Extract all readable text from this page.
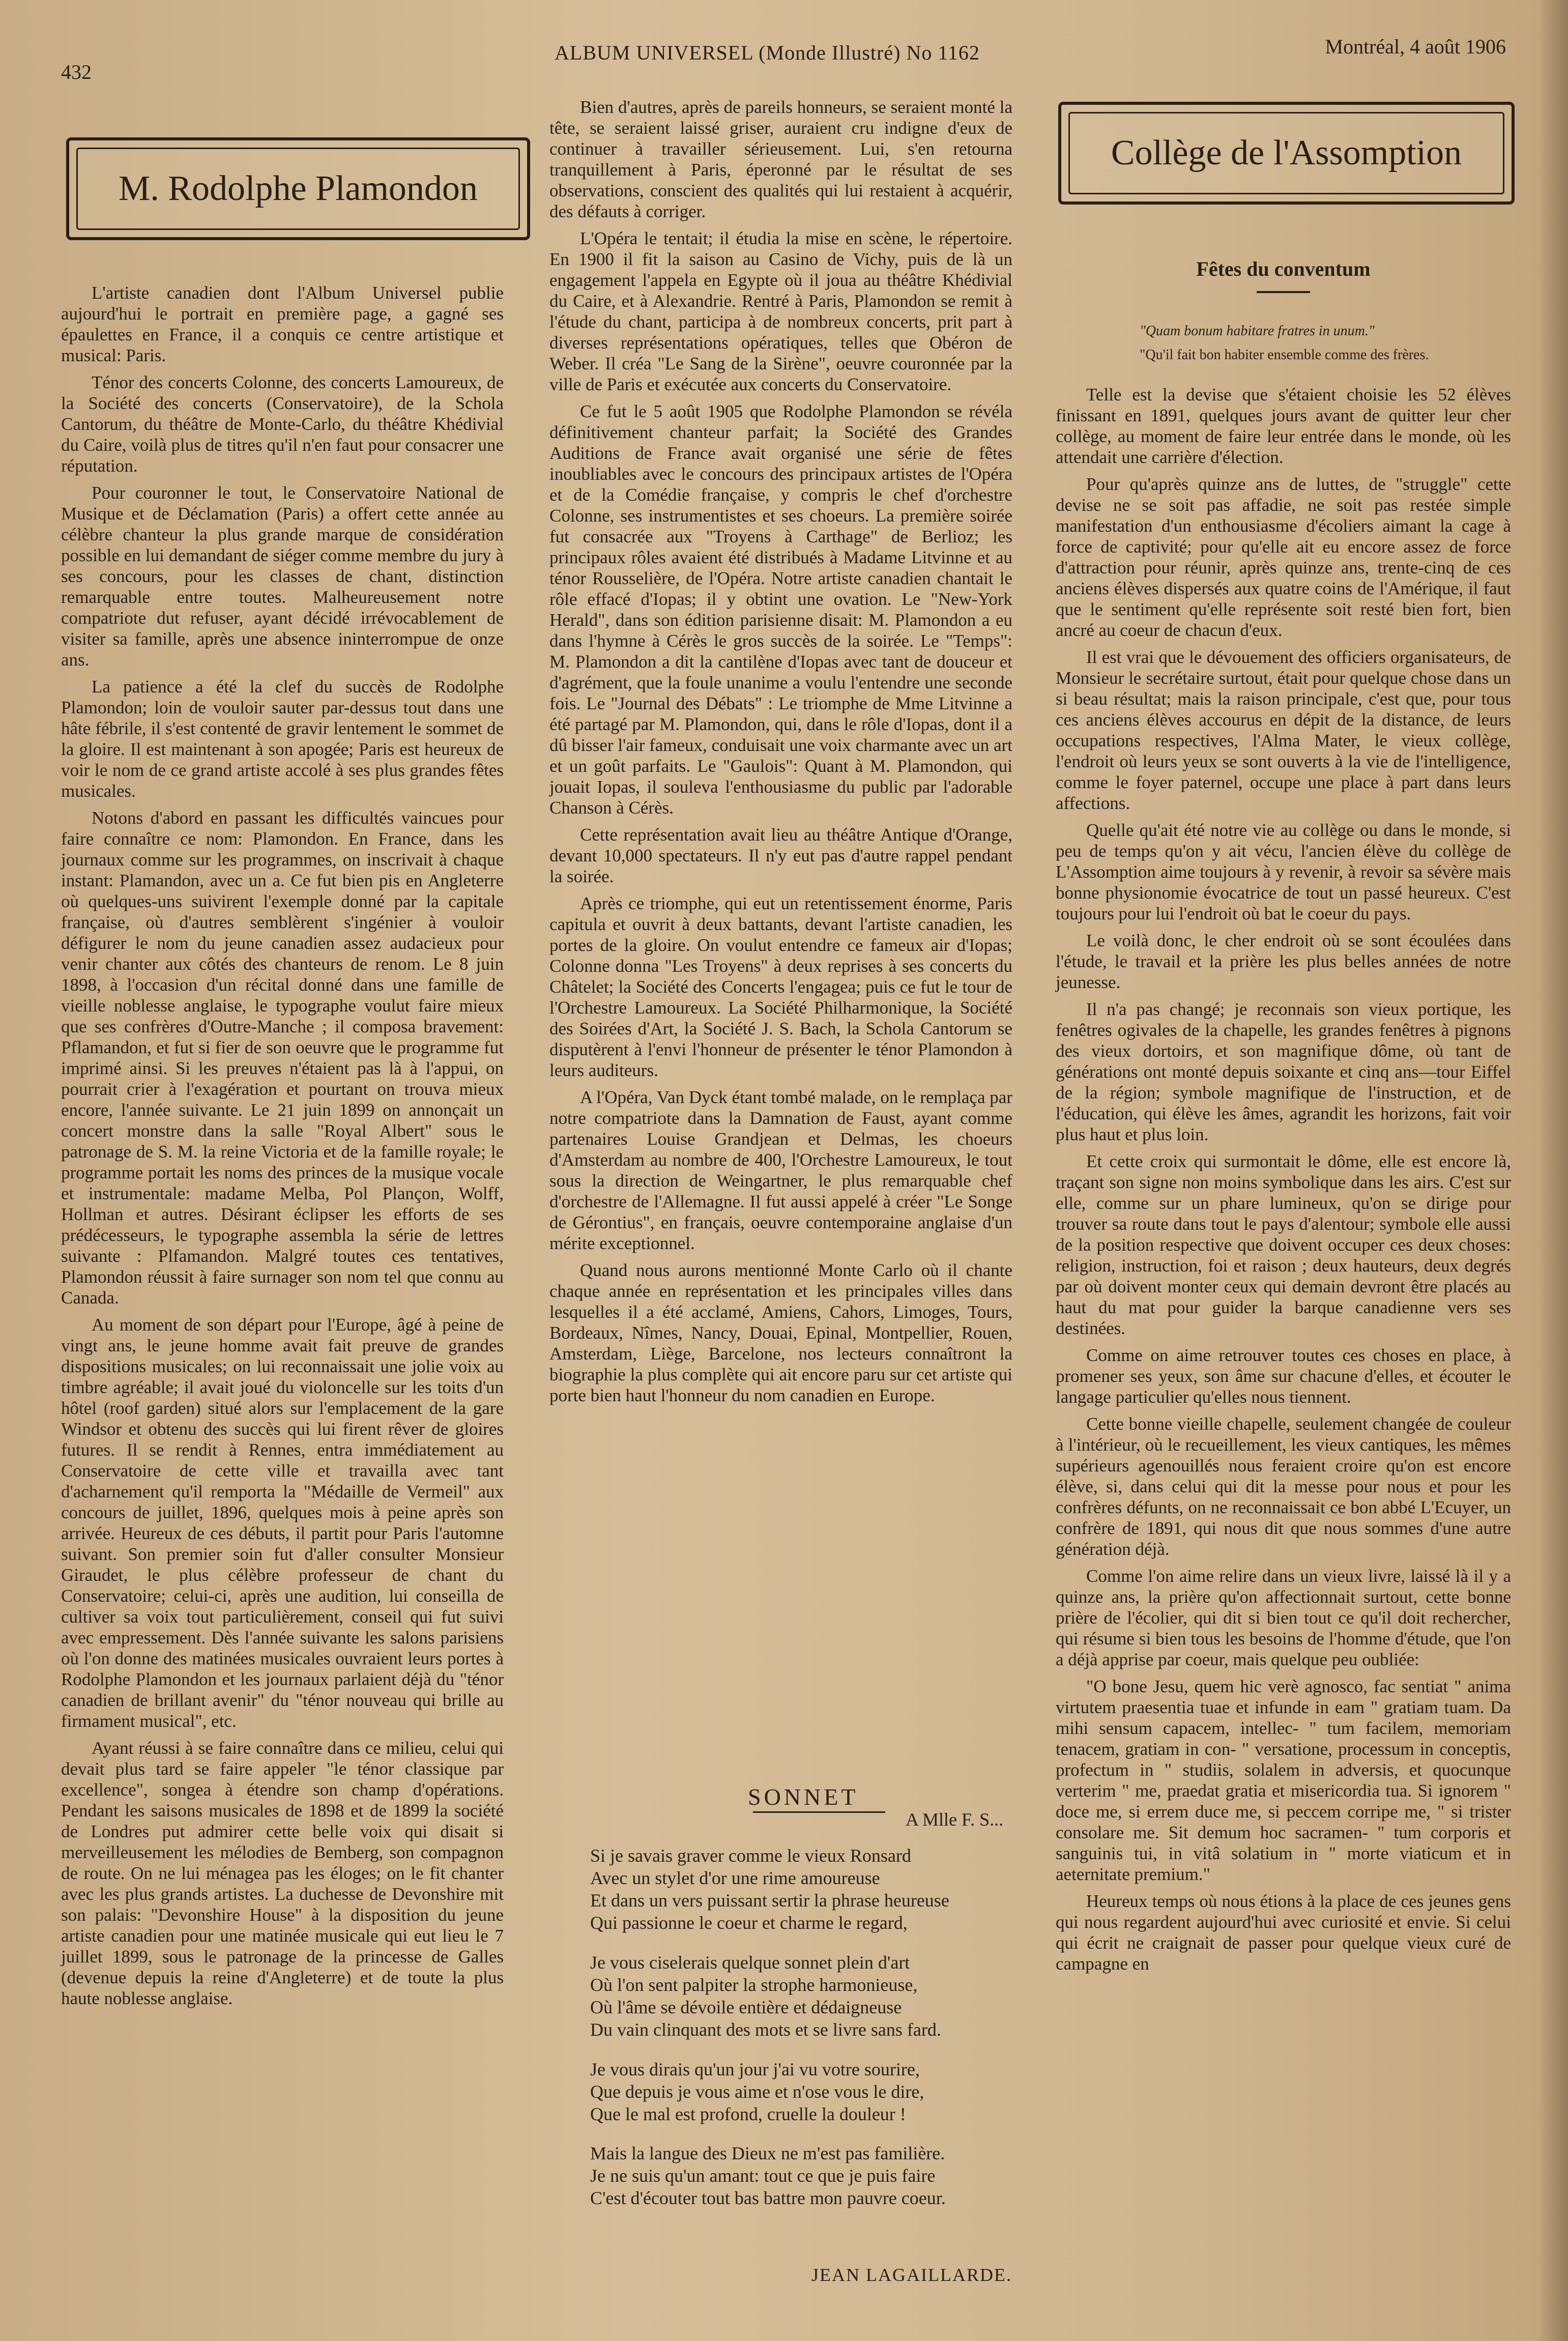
432
ALBUM UNIVERSEL (Monde Illustré) No 1162	Montréal, 4 août 1906
M. Rodolphe Plamondon

L'artiste canadien dont l'Album Universel publie aujourd'hui le portrait en première page, a gagné ses épaulettes en France, il a conquis ce centre artistique et musical: Paris.

Ténor des concerts Colonne, des concerts Lamoureux, de la Société des concerts (Conservatoire), de la Schola Cantorum, du théâtre de Monte-Carlo, du théâtre Khédivial du Caire, voilà plus de titres qu'il n'en faut pour consacrer une réputation.

Pour couronner le tout, le Conservatoire National de Musique et de Déclamation (Paris) a offert cette année au célèbre chanteur la plus grande marque de considération possible en lui demandant de siéger comme membre du jury à ses concours, pour les classes de chant, distinction remarquable entre toutes. Malheureusement notre compatriote dut refuser, ayant décidé irrévocablement de visiter sa famille, après une absence ininterrompue de onze ans.

La patience a été la clef du succès de Rodolphe Plamondon; loin de vouloir sauter par-dessus tout dans une hâte fébrile, il s'est contenté de gravir lentement le sommet de la gloire. Il est maintenant à son apogée; Paris est heureux de voir le nom de ce grand artiste accolé à ses plus grandes fêtes musicales.

Notons d'abord en passant les difficultés vaincues pour faire connaître ce nom: Plamondon. En France, dans les journaux comme sur les programmes, on inscrivait à chaque instant: Plamandon, avec un a. Ce fut bien pis en Angleterre où quelques-uns suivirent l'exemple donné par la capitale française, où d'autres semblèrent s'ingénier à vouloir défigurer le nom du jeune canadien assez audacieux pour venir chanter aux côtés des chanteurs de renom. Le 8 juin 1898, à l'occasion d'un récital donné dans une famille de vieille noblesse anglaise, le typographe voulut faire mieux que ses confrères d'Outre-Manche ; il composa bravement: Pflamandon, et fut si fier de son oeuvre que le programme fut imprimé ainsi. Si les preuves n'étaient pas là à l'appui, on pourrait crier à l'exagération et pourtant on trouva mieux encore, l'année suivante. Le 21 juin 1899 on annonçait un concert monstre dans la salle "Royal Albert" sous le patronage de S. M. la reine Victoria et de la famille royale; le programme portait les noms des princes de la musique vocale et instrumentale: madame Melba, Pol Plançon, Wolff, Hollman et autres. Désirant éclipser les efforts de ses prédécesseurs, le typographe assembla la série de lettres suivante : Plfamandon. Malgré toutes ces tentatives, Plamondon réussit à faire surnager son nom tel que connu au Canada.

Au moment de son départ pour l'Europe, âgé à peine de vingt ans, le jeune homme avait fait preuve de grandes dispositions musicales; on lui reconnaissait une jolie voix au timbre agréable; il avait joué du violoncelle sur les toits d'un hôtel (roof garden) situé alors sur l'emplacement de la gare Windsor et obtenu des succès qui lui firent rêver de gloires futures. Il se rendit à Rennes, entra immédiatement au Conservatoire de cette ville et travailla avec tant d'acharnement qu'il remporta la "Médaille de Vermeil" aux concours de juillet, 1896, quelques mois à peine après son arrivée. Heureux de ces débuts, il partit pour Paris l'automne suivant. Son premier soin fut d'aller consulter Monsieur Giraudet, le plus célèbre professeur de chant du Conservatoire; celui-ci, après une audition, lui conseilla de cultiver sa voix tout particulièrement, conseil qui fut suivi avec empressement. Dès l'année suivante les salons parisiens où l'on donne des matinées musicales ouvraient leurs portes à Rodolphe Plamondon et les journaux parlaient déjà du "ténor canadien de brillant avenir" du "ténor nouveau qui brille au firmament musical", etc.

Ayant réussi à se faire connaître dans ce milieu, celui qui devait plus tard se faire appeler "le ténor classique par excellence", songea à étendre son champ d'opérations. Pendant les saisons musicales de 1898 et de 1899 la société de Londres put admirer cette belle voix qui disait si merveilleusement les mélodies de Bemberg, son compagnon de route. On ne lui ménagea pas les éloges; on le fit chanter avec les plus grands artistes. La duchesse de Devonshire mit son palais: "Devonshire House" à la disposition du jeune artiste canadien pour une matinée musicale qui eut lieu le 7 juillet 1899, sous le patronage de la princesse de Galles (devenue depuis la reine d'Angleterre) et de toute la plus haute noblesse anglaise.

Bien d'autres, après de pareils honneurs, se seraient monté la tête, se seraient laissé griser, auraient cru indigne d'eux de continuer à travailler sérieusement. Lui, s'en retourna tranquillement à Paris, éperonné par le résultat de ses observations, conscient des qualités qui lui restaient à acquérir, des défauts à corriger.

L'Opéra le tentait; il étudia la mise en scène, le répertoire. En 1900 il fit la saison au Casino de Vichy, puis de là un engagement l'appela en Egypte où il joua au théâtre Khédivial du Caire, et à Alexandrie. Rentré à Paris, Plamondon se remit à l'étude du chant, participa à de nombreux concerts, prit part à diverses représentations opératiques, telles que Obéron de Weber. Il créa "Le Sang de la Sirène", oeuvre couronnée par la ville de Paris et exécutée aux concerts du Conservatoire.

Ce fut le 5 août 1905 que Rodolphe Plamondon se révéla définitivement chanteur parfait; la Société des Grandes Auditions de France avait organisé une série de fêtes inoubliables avec le concours des principaux artistes de l'Opéra et de la Comédie française, y compris le chef d'orchestre Colonne, ses instrumentistes et ses choeurs. La première soirée fut consacrée aux "Troyens à Carthage" de Berlioz; les principaux rôles avaient été distribués à Madame Litvinne et au ténor Rousselière, de l'Opéra. Notre artiste canadien chantait le rôle effacé d'Iopas; il y obtint une ovation. Le "New-York Herald", dans son édition parisienne disait: M. Plamondon a eu dans l'hymne à Cérès le gros succès de la soirée. Le "Temps": M. Plamondon a dit la cantilène d'Iopas avec tant de douceur et d'agrément, que la foule unanime a voulu l'entendre une seconde fois. Le "Journal des Débats" : Le triomphe de Mme Litvinne a été partagé par M. Plamondon, qui, dans le rôle d'Iopas, dont il a dû bisser l'air fameux, conduisait une voix charmante avec un art et un goût parfaits. Le "Gaulois": Quant à M. Plamondon, qui jouait Iopas, il souleva l'enthousiasme du public par l'adorable Chanson à Cérès.

Cette représentation avait lieu au théâtre Antique d'Orange, devant 10,000 spectateurs. Il n'y eut pas d'autre rappel pendant la soirée.

Après ce triomphe, qui eut un retentissement énorme, Paris capitula et ouvrit à deux battants, devant l'artiste canadien, les portes de la gloire. On voulut entendre ce fameux air d'Iopas; Colonne donna "Les Troyens" à deux reprises à ses concerts du Châtelet; la Société des Concerts l'engagea; puis ce fut le tour de l'Orchestre Lamoureux. La Société Philharmonique, la Société des Soirées d'Art, la Société J. S. Bach, la Schola Cantorum se disputèrent à l'envi l'honneur de présenter le ténor Plamondon à leurs auditeurs.

A l'Opéra, Van Dyck étant tombé malade, on le remplaça par notre compatriote dans la Damnation de Faust, ayant comme partenaires Louise Grandjean et Delmas, les choeurs d'Amsterdam au nombre de 400, l'Orchestre Lamoureux, le tout sous la direction de Weingartner, le plus remarquable chef d'orchestre de l'Allemagne. Il fut aussi appelé à créer "Le Songe de Gérontius", en français, oeuvre contemporaine anglaise d'un mérite exceptionnel.

Quand nous aurons mentionné Monte Carlo où il chante chaque année en représentation et les principales villes dans lesquelles il a été acclamé, Amiens, Cahors, Limoges, Tours, Bordeaux, Nîmes, Nancy, Douai, Epinal, Montpellier, Rouen, Amsterdam, Liège, Barcelone, nos lecteurs connaîtront la biographie la plus complète qui ait encore paru sur cet artiste qui porte bien haut l'honneur du nom canadien en Europe.

SONNET
A Mlle F. S...
Si je savais graver comme le vieux Ronsard
Avec un stylet d'or une rime amoureuse
Et dans un vers puissant sertir la phrase heureuse
Qui passionne le coeur et charme le regard,
Je vous ciselerais quelque sonnet plein d'art
Où l'on sent palpiter la strophe harmonieuse,
Où l'âme se dévoile entière et dédaigneuse
Du vain clinquant des mots et se livre sans fard.
Je vous dirais qu'un jour j'ai vu votre sourire,
Que depuis je vous aime et n'ose vous le dire,
Que le mal est profond, cruelle la douleur !
Mais la langue des Dieux ne m'est pas familière.
Je ne suis qu'un amant: tout ce que je puis faire
C'est d'écouter tout bas battre mon pauvre coeur.
JEAN LAGAILLARDE.
Collège de l'Assomption
Fêtes du conventum
"Quam bonum habitare fratres in unum."
"Qu'il fait bon habiter ensemble comme des frères.

Telle est la devise que s'étaient choisie les 52 élèves finissant en 1891, quelques jours avant de quitter leur cher collège, au moment de faire leur entrée dans le monde, où les attendait une carrière d'élection.

Pour qu'après quinze ans de luttes, de "struggle" cette devise ne se soit pas affadie, ne soit pas restée simple manifestation d'un enthousiasme d'écoliers aimant la cage à force de captivité; pour qu'elle ait eu encore assez de force d'attraction pour réunir, après quinze ans, trente-cinq de ces anciens élèves dispersés aux quatre coins de l'Amérique, il faut que le sentiment qu'elle représente soit resté bien fort, bien ancré au coeur de chacun d'eux.

Il est vrai que le dévouement des officiers organisateurs, de Monsieur le secrétaire surtout, était pour quelque chose dans un si beau résultat; mais la raison principale, c'est que, pour tous ces anciens élèves accourus en dépit de la distance, de leurs occupations respectives, l'Alma Mater, le vieux collège, l'endroit où leurs yeux se sont ouverts à la vie de l'intelligence, comme le foyer paternel, occupe une place à part dans leurs affections.

Quelle qu'ait été notre vie au collège ou dans le monde, si peu de temps qu'on y ait vécu, l'ancien élève du collège de L'Assomption aime toujours à y revenir, à revoir sa sévère mais bonne physionomie évocatrice de tout un passé heureux. C'est toujours pour lui l'endroit où bat le coeur du pays.

Le voilà donc, le cher endroit où se sont écoulées dans l'étude, le travail et la prière les plus belles années de notre jeunesse.

Il n'a pas changé; je reconnais son vieux portique, les fenêtres ogivales de la chapelle, les grandes fenêtres à pignons des vieux dortoirs, et son magnifique dôme, où tant de générations ont monté depuis soixante et cinq ans—tour Eiffel de la région; symbole magnifique de l'instruction, et de l'éducation, qui élève les âmes, agrandit les horizons, fait voir plus haut et plus loin.

Et cette croix qui surmontait le dôme, elle est encore là, traçant son signe non moins symbolique dans les airs. C'est sur elle, comme sur un phare lumineux, qu'on se dirige pour trouver sa route dans tout le pays d'alentour; symbole elle aussi de la position respective que doivent occuper ces deux choses: religion, instruction, foi et raison ; deux hauteurs, deux degrés par où doivent monter ceux qui demain devront être placés au haut du mat pour guider la barque canadienne vers ses destinées.

Comme on aime retrouver toutes ces choses en place, à promener ses yeux, son âme sur chacune d'elles, et écouter le langage particulier qu'elles nous tiennent.

Cette bonne vieille chapelle, seulement changée de couleur à l'intérieur, où le recueillement, les vieux cantiques, les mêmes supérieurs agenouillés nous feraient croire qu'on est encore élève, si, dans celui qui dit la messe pour nous et pour les confrères défunts, on ne reconnaissait ce bon abbé L'Ecuyer, un confrère de 1891, qui nous dit que nous sommes d'une autre génération déjà.

Comme l'on aime relire dans un vieux livre, laissé là il y a quinze ans, la prière qu'on affectionnait surtout, cette bonne prière de l'écolier, qui dit si bien tout ce qu'il doit rechercher, qui résume si bien tous les besoins de l'homme d'étude, que l'on a déjà apprise par coeur, mais quelque peu oubliée:

"O bone Jesu, quem hic verè agnosco, fac sentiat " anima virtutem praesentia tuae et infunde in eam " gratiam tuam. Da mihi sensum capacem, intellec- " tum facilem, memoriam tenacem, gratiam in con- " versatione, processum in conceptis, profectum in " studiis, solalem in adversis, et quocunque verterim " me, praedat gratia et misericordia tua. Si ignorem " doce me, si errem duce me, si peccem corripe me, " si trister consolare me. Sit demum hoc sacramen- " tum corporis et sanguinis tui, in vitâ solatium in " morte viaticum et in aeternitate premium."

Heureux temps où nous étions à la place de ces jeunes gens qui nous regardent aujourd'hui avec curiosité et envie. Si celui qui écrit ne craignait de passer pour quelque vieux curé de campagne en
